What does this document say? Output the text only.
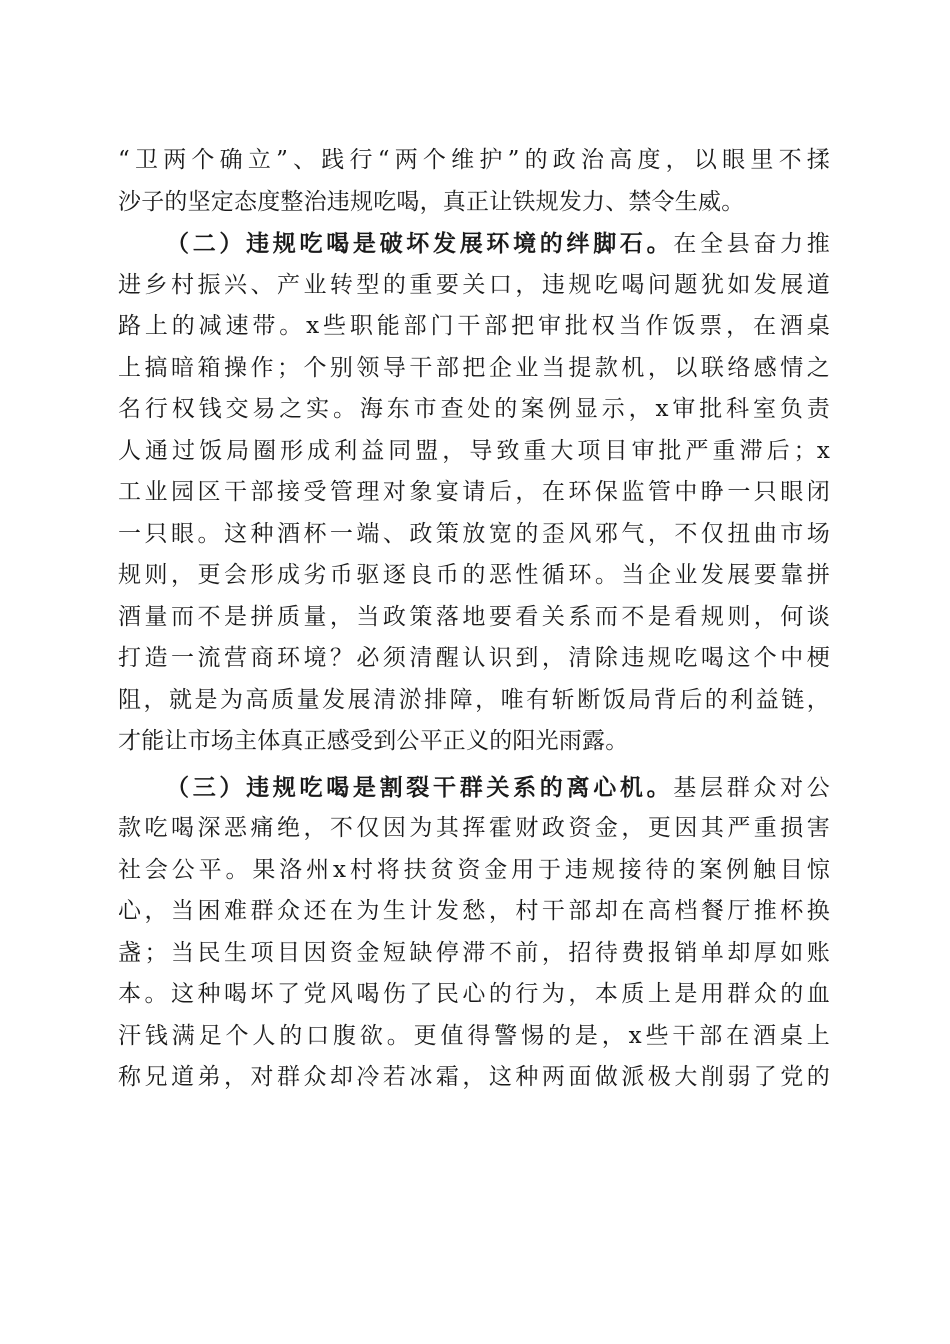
“卫两个确立”、践行“两个维护”的政治高度，以眼里不揉
沙子的坚定态度整治违规吃喝，真正让铁规发力、禁令生威。
（二）违规吃喝是破坏发展环境的绊脚石。在全县奋力推
进乡村振兴、产业转型的重要关口，违规吃喝问题犹如发展道
路上的减速带。x些职能部门干部把审批权当作饭票，在酒桌
上搞暗箱操作；个别领导干部把企业当提款机，以联络感情之
名行权钱交易之实。海东市查处的案例显示，x审批科室负责
人通过饭局圈形成利益同盟，导致重大项目审批严重滞后；x
工业园区干部接受管理对象宴请后，在环保监管中睁一只眼闭
一只眼。这种酒杯一端、政策放宽的歪风邪气，不仅扭曲市场
规则，更会形成劣币驱逐良币的恶性循环。当企业发展要靠拼
酒量而不是拼质量，当政策落地要看关系而不是看规则，何谈
打造一流营商环境？必须清醒认识到，清除违规吃喝这个中梗
阻，就是为高质量发展清淤排障，唯有斩断饭局背后的利益链，
才能让市场主体真正感受到公平正义的阳光雨露。
（三）违规吃喝是割裂干群关系的离心机。基层群众对公
款吃喝深恶痛绝，不仅因为其挥霍财政资金，更因其严重损害
社会公平。果洛州x村将扶贫资金用于违规接待的案例触目惊
心，当困难群众还在为生计发愁，村干部却在高档餐厅推杯换
盏；当民生项目因资金短缺停滞不前，招待费报销单却厚如账
本。这种喝坏了党风喝伤了民心的行为，本质上是用群众的血
汗钱满足个人的口腹欲。更值得警惕的是，x些干部在酒桌上
称兄道弟，对群众却冷若冰霜，这种两面做派极大削弱了党的
